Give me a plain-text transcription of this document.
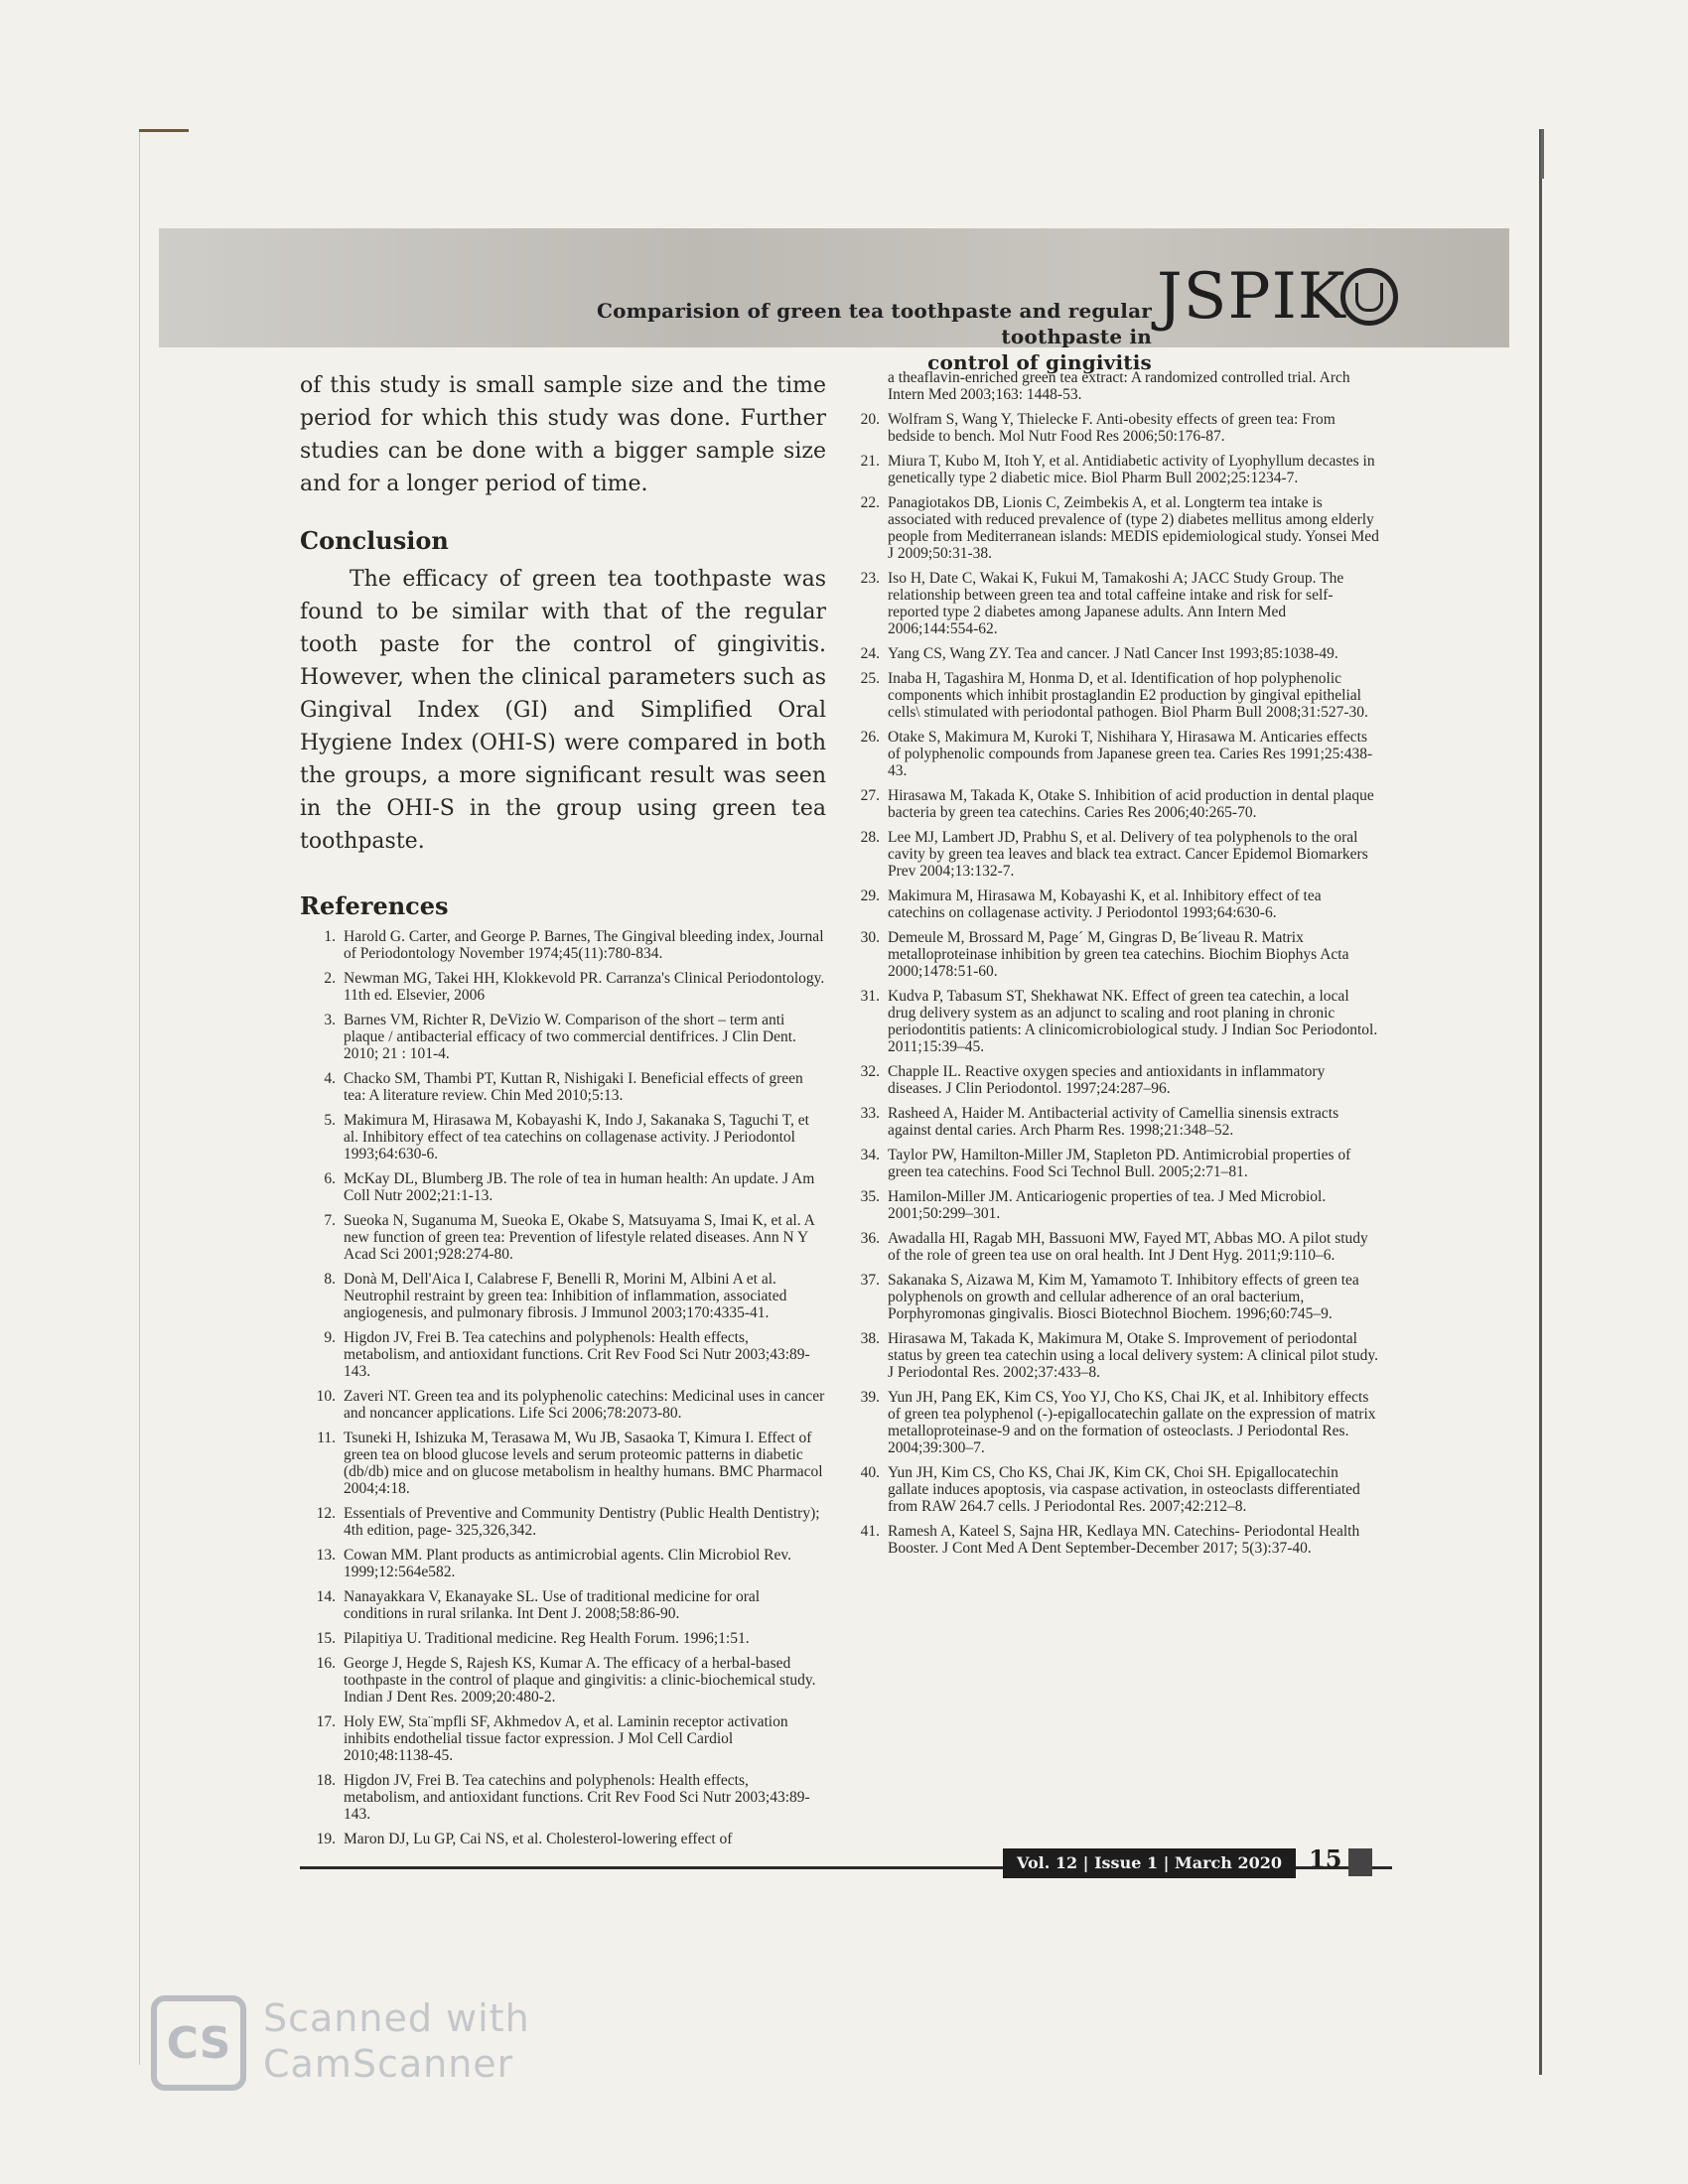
Comparision of green tea toothpaste and regular toothpaste in
control of gingivitis
JSPIK

of this study is small sample size and the time period for which this study was done. Further studies can be done with a bigger sample size and for a longer period of time.

Conclusion

The efficacy of green tea toothpaste was found to be similar with that of the regular tooth paste for the control of gingivitis. However, when the clinical parameters such as Gingival Index (GI) and Simplified Oral Hygiene Index (OHI-S) were compared in both the groups, a more significant result was seen in the OHI-S in the group using green tea toothpaste.

References
1. Harold G. Carter, and George P. Barnes, The Gingival bleeding index, Journal of Periodontology November 1974;45(11):780-834.
2. Newman MG, Takei HH, Klokkevold PR. Carranza's Clinical Periodontology. 11th ed. Elsevier, 2006
3. Barnes VM, Richter R, DeVizio W. Comparison of the short – term anti plaque / antibacterial efficacy of two commercial dentifrices. J Clin Dent. 2010; 21 : 101-4.
4. Chacko SM, Thambi PT, Kuttan R, Nishigaki I. Beneficial effects of green tea: A literature review. Chin Med 2010;5:13.
5. Makimura M, Hirasawa M, Kobayashi K, Indo J, Sakanaka S, Taguchi T, et al. Inhibitory effect of tea catechins on collagenase activity. J Periodontol 1993;64:630-6.
6. McKay DL, Blumberg JB. The role of tea in human health: An update. J Am Coll Nutr 2002;21:1-13.
7. Sueoka N, Suganuma M, Sueoka E, Okabe S, Matsuyama S, Imai K, et al. A new function of green tea: Prevention of lifestyle related diseases. Ann N Y Acad Sci 2001;928:274-80.
8. Donà M, Dell'Aica I, Calabrese F, Benelli R, Morini M, Albini A et al. Neutrophil restraint by green tea: Inhibition of inflammation, associated angiogenesis, and pulmonary fibrosis. J Immunol 2003;170:4335-41.
9. Higdon JV, Frei B. Tea catechins and polyphenols: Health effects, metabolism, and antioxidant functions. Crit Rev Food Sci Nutr 2003;43:89-143.
10. Zaveri NT. Green tea and its polyphenolic catechins: Medicinal uses in cancer and noncancer applications. Life Sci 2006;78:2073-80.
11. Tsuneki H, Ishizuka M, Terasawa M, Wu JB, Sasaoka T, Kimura I. Effect of green tea on blood glucose levels and serum proteomic patterns in diabetic (db/db) mice and on glucose metabolism in healthy humans. BMC Pharmacol 2004;4:18.
12. Essentials of Preventive and Community Dentistry (Public Health Dentistry); 4th edition, page- 325,326,342.
13. Cowan MM. Plant products as antimicrobial agents. Clin Microbiol Rev. 1999;12:564e582.
14. Nanayakkara V, Ekanayake SL. Use of traditional medicine for oral conditions in rural srilanka. Int Dent J. 2008;58:86-90.
15. Pilapitiya U. Traditional medicine. Reg Health Forum. 1996;1:51.
16. George J, Hegde S, Rajesh KS, Kumar A. The efficacy of a herbal-based toothpaste in the control of plaque and gingivitis: a clinic-biochemical study. Indian J Dent Res. 2009;20:480-2.
17. Holy EW, Sta¨mpfli SF, Akhmedov A, et al. Laminin receptor activation inhibits endothelial tissue factor expression. J Mol Cell Cardiol 2010;48:1138-45.
18. Higdon JV, Frei B. Tea catechins and polyphenols: Health effects, metabolism, and antioxidant functions. Crit Rev Food Sci Nutr 2003;43:89-143.
19. Maron DJ, Lu GP, Cai NS, et al. Cholesterol-lowering effect of

a theaflavin-enriched green tea extract: A randomized controlled trial. Arch Intern Med 2003;163: 1448-53.

20. Wolfram S, Wang Y, Thielecke F. Anti-obesity effects of green tea: From bedside to bench. Mol Nutr Food Res 2006;50:176-87.
21. Miura T, Kubo M, Itoh Y, et al. Antidiabetic activity of Lyophyllum decastes in genetically type 2 diabetic mice. Biol Pharm Bull 2002;25:1234-7.
22. Panagiotakos DB, Lionis C, Zeimbekis A, et al. Longterm tea intake is associated with reduced prevalence of (type 2) diabetes mellitus among elderly people from Mediterranean islands: MEDIS epidemiological study. Yonsei Med J 2009;50:31-38.
23. Iso H, Date C, Wakai K, Fukui M, Tamakoshi A; JACC Study Group. The relationship between green tea and total caffeine intake and risk for self-reported type 2 diabetes among Japanese adults. Ann Intern Med 2006;144:554-62.
24. Yang CS, Wang ZY. Tea and cancer. J Natl Cancer Inst 1993;85:1038-49.
25. Inaba H, Tagashira M, Honma D, et al. Identification of hop polyphenolic components which inhibit prostaglandin E2 production by gingival epithelial cells\ stimulated with periodontal pathogen. Biol Pharm Bull 2008;31:527-30.
26. Otake S, Makimura M, Kuroki T, Nishihara Y, Hirasawa M. Anticaries effects of polyphenolic compounds from Japanese green tea. Caries Res 1991;25:438-43.
27. Hirasawa M, Takada K, Otake S. Inhibition of acid production in dental plaque bacteria by green tea catechins. Caries Res 2006;40:265-70.
28. Lee MJ, Lambert JD, Prabhu S, et al. Delivery of tea polyphenols to the oral cavity by green tea leaves and black tea extract. Cancer Epidemol Biomarkers Prev 2004;13:132-7.
29. Makimura M, Hirasawa M, Kobayashi K, et al. Inhibitory effect of tea catechins on collagenase activity. J Periodontol 1993;64:630-6.
30. Demeule M, Brossard M, Page´ M, Gingras D, Be´liveau R. Matrix metalloproteinase inhibition by green tea catechins. Biochim Biophys Acta 2000;1478:51-60.
31. Kudva P, Tabasum ST, Shekhawat NK. Effect of green tea catechin, a local drug delivery system as an adjunct to scaling and root planing in chronic periodontitis patients: A clinicomicrobiological study. J Indian Soc Periodontol. 2011;15:39–45.
32. Chapple IL. Reactive oxygen species and antioxidants in inflammatory diseases. J Clin Periodontol. 1997;24:287–96.
33. Rasheed A, Haider M. Antibacterial activity of Camellia sinensis extracts against dental caries. Arch Pharm Res. 1998;21:348–52.
34. Taylor PW, Hamilton-Miller JM, Stapleton PD. Antimicrobial properties of green tea catechins. Food Sci Technol Bull. 2005;2:71–81.
35. Hamilon-Miller JM. Anticariogenic properties of tea. J Med Microbiol. 2001;50:299–301.
36. Awadalla HI, Ragab MH, Bassuoni MW, Fayed MT, Abbas MO. A pilot study of the role of green tea use on oral health. Int J Dent Hyg. 2011;9:110–6.
37. Sakanaka S, Aizawa M, Kim M, Yamamoto T. Inhibitory effects of green tea polyphenols on growth and cellular adherence of an oral bacterium, Porphyromonas gingivalis. Biosci Biotechnol Biochem. 1996;60:745–9.
38. Hirasawa M, Takada K, Makimura M, Otake S. Improvement of periodontal status by green tea catechin using a local delivery system: A clinical pilot study. J Periodontal Res. 2002;37:433–8.
39. Yun JH, Pang EK, Kim CS, Yoo YJ, Cho KS, Chai JK, et al. Inhibitory effects of green tea polyphenol (-)-epigallocatechin gallate on the expression of matrix metalloproteinase-9 and on the formation of osteoclasts. J Periodontal Res. 2004;39:300–7.
40. Yun JH, Kim CS, Cho KS, Chai JK, Kim CK, Choi SH. Epigallocatechin gallate induces apoptosis, via caspase activation, in osteoclasts differentiated from RAW 264.7 cells. J Periodontal Res. 2007;42:212–8.
41. Ramesh A, Kateel S, Sajna HR, Kedlaya MN. Catechins- Periodontal Health Booster. J Cont Med A Dent September-December 2017; 5(3):37-40.
Vol. 12 | Issue 1 | March 2020	15
CS Scanned with
CamScanner
